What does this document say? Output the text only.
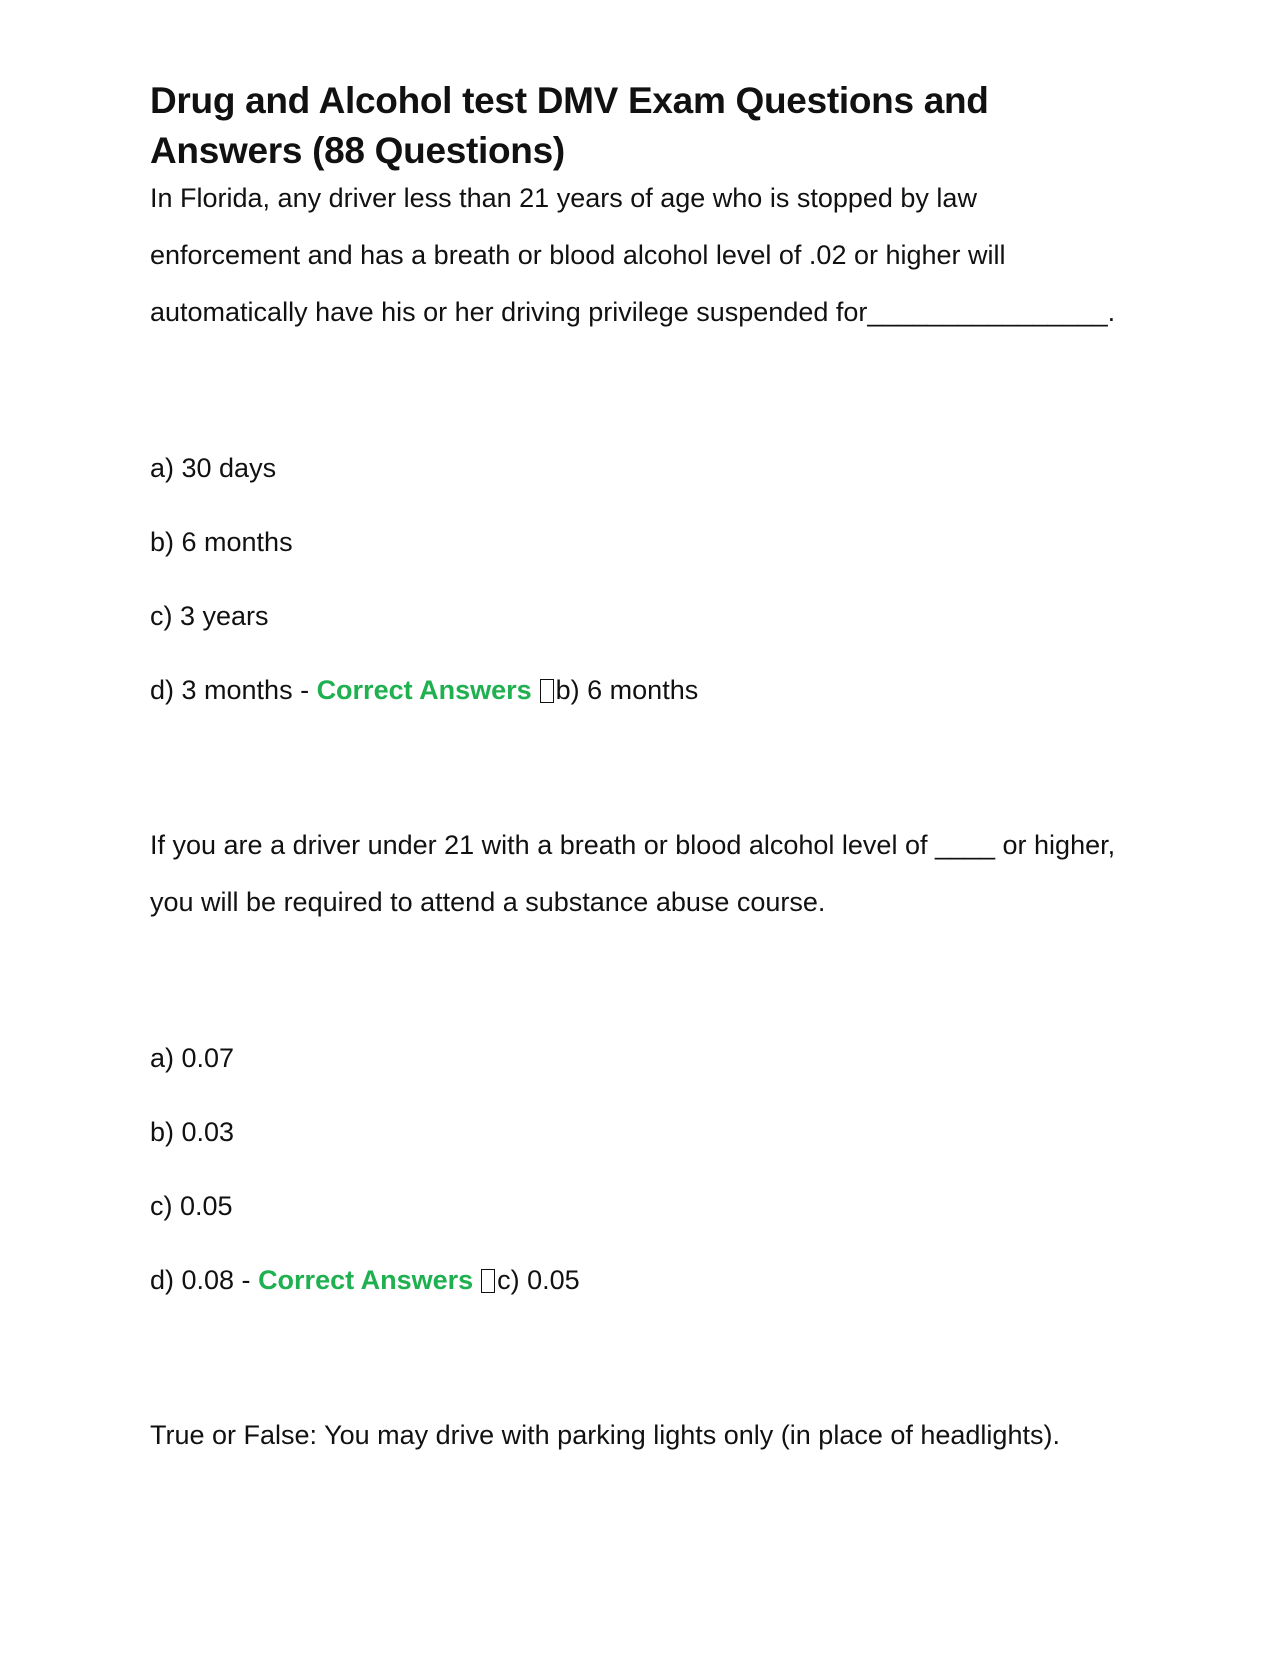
Drug and Alcohol test DMV Exam Questions and Answers (88 Questions)

In Florida, any driver less than 21 years of age who is stopped by law enforcement and has a breath or blood alcohol level of .02 or higher will automatically have his or her driving privilege suspended for________________.

a) 30 days

b) 6 months

c) 3 years

d) 3 months - Correct Answers b) 6 months

If you are a driver under 21 with a breath or blood alcohol level of ____ or higher, you will be required to attend a substance abuse course.

a) 0.07

b) 0.03

c) 0.05

d) 0.08 - Correct Answers c) 0.05

True or False: You may drive with parking lights only (in place of headlights).
